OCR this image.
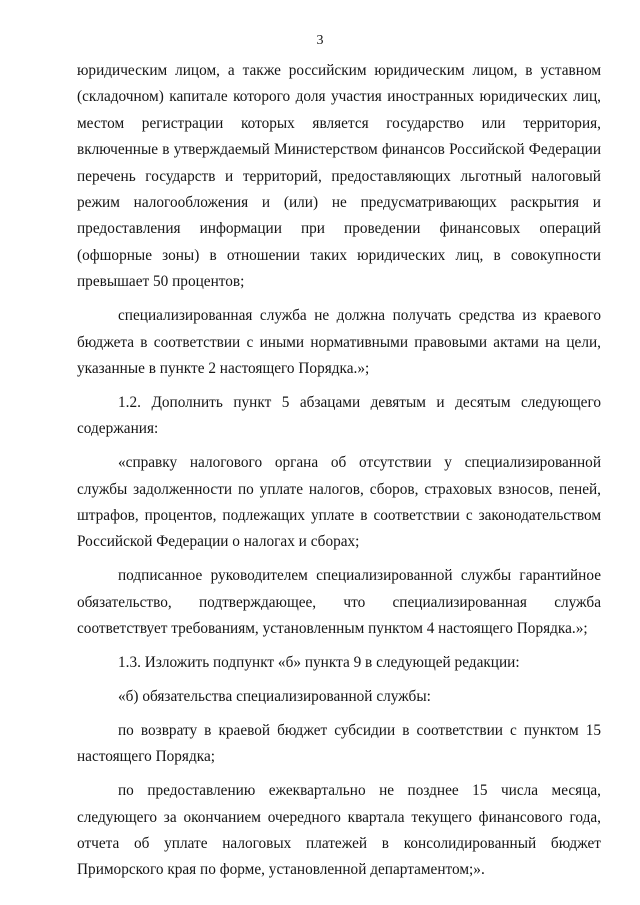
3

юридическим лицом, а также российским юридическим лицом, в уставном (складочном) капитале которого доля участия иностранных юридических лиц, местом регистрации которых является государство или территория, включенные в утверждаемый Министерством финансов Российской Федерации перечень государств и территорий, предоставляющих льготный налоговый режим налогообложения и (или) не предусматривающих раскрытия и предоставления информации при проведении финансовых операций (офшорные зоны) в отношении таких юридических лиц, в совокупности превышает 50 процентов;

специализированная служба не должна получать средства из краевого бюджета в соответствии с иными нормативными правовыми актами на цели, указанные в пункте 2 настоящего Порядка.»;

1.2. Дополнить пункт 5 абзацами девятым и десятым следующего содержания:

«справку налогового органа об отсутствии у специализированной службы задолженности по уплате налогов, сборов, страховых взносов, пеней, штрафов, процентов, подлежащих уплате в соответствии с законодательством Российской Федерации о налогах и сборах;

подписанное руководителем специализированной службы гарантийное обязательство, подтверждающее, что специализированная служба соответствует требованиям, установленным пунктом 4 настоящего Порядка.»;

1.3. Изложить подпункт «б» пункта 9 в следующей редакции:

«б) обязательства специализированной службы:

по возврату в краевой бюджет субсидии в соответствии с пунктом 15 настоящего Порядка;

по предоставлению ежеквартально не позднее 15 числа месяца, следующего за окончанием очередного квартала текущего финансового года, отчета об уплате налоговых платежей в консолидированный бюджет Приморского края по форме, установленной департаментом;».
